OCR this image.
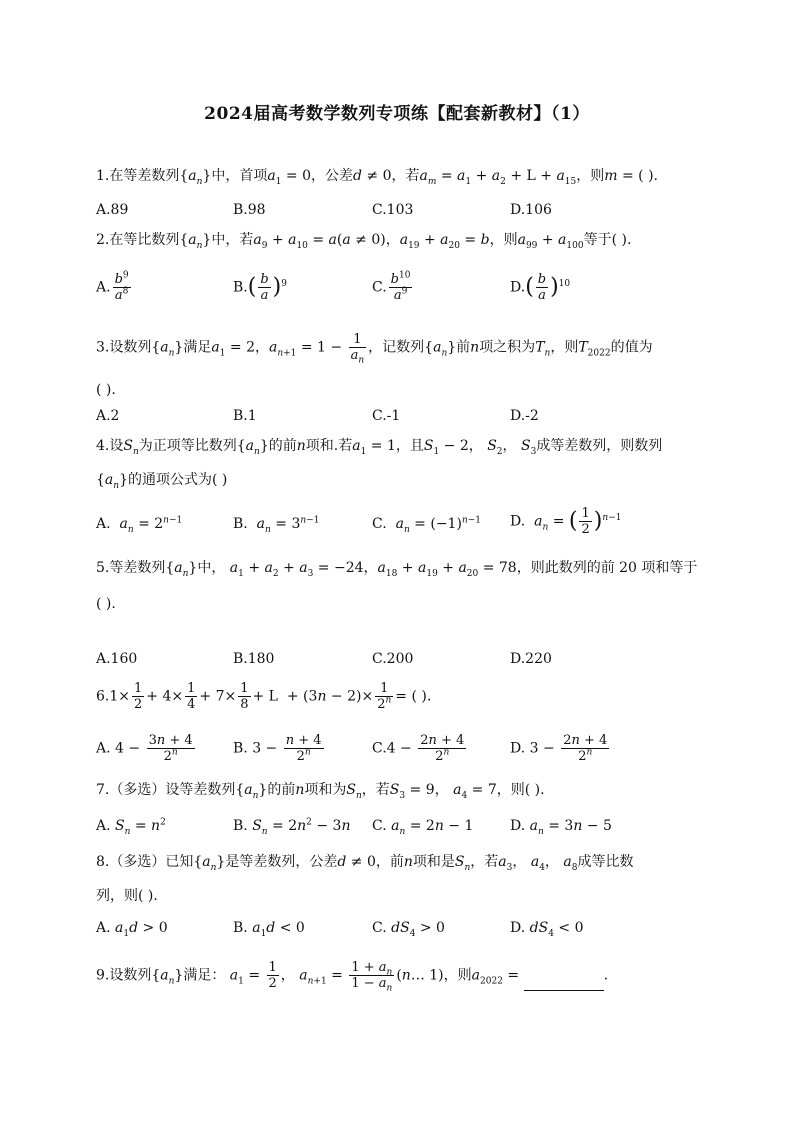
2024届高考数学数列专项练【配套新教材】（1）
1.在等差数列$\{a_n\}$中，首项$a_1 = 0$，公差d ≠ 0，若$a_m = a_1 + a_2 + L + a_{15}$，则m = ( ).
A.89	B.98	C.103	D.106
2.在等比数列$\{a_n\}$中，若$a_9 + a_{10} = a(a \ne 0)$，$a_{19} + a_{20} = b$，则$a_{99} + a_{100}$等于( ).
A. $\frac{b^9}{a^8}$	$B.( \frac{b}{a} )^9$	C. $\frac{b^{10}}{a^9}$	$D.( \frac{b}{a} )^{10}$
3.设数列$\{a_n\}$满足$a_1 = 2$，$a_{n+1} = 1 - \frac{1}{a_n}$ ，记数列$\{a_n\}$前n项之积为$T_n$，则$T_{2022}$的值为
( ).
A.2	B.1	C.-1	D.-2
4.设$S_n$为正项等比数列$\{a_n\}$的前n项和.若$a_1 = 1$，且$S_1 - 2$， $S_2$， $S_3$成等差数列，则数列
$\{a_n\}$的通项公式为( )
A. $a_n = 2^{n-1}$	B. $a_n = 3^{n-1}$	C. $a_n = (-1)^{n-1}$ D. $a_n$ = ( $\frac{1}{2} )^{n-1}$
5.等差数列$\{a_n\}$中， $a_1 + a_2 + a_3 = -24$，$a_{18} + a_{19} + a_{20} = 78$，则此数列的前 20 项和等于
( ).
A.160	B.180	C.200	D.220
$6.1\times \frac{1}{2} + 4\times \frac{1}{4} + 7\times \frac{1}{8} + L + (3n - 2)\times \frac{1}{2^n}$ = ( ).
A. $4 - \frac{3n + 4}{2^n}$	B. $3 - \frac{n + 4}{2^n}$	$C.4 - \frac{2n + 4}{2^n}$	D. $3 - \frac{2n + 4}{2^n}$
7.（多选）设等差数列$\{a_n\}$的前n项和为$S_n$，若$S_3 = 9$， $a_4 = 7$，则( ).
A. $S_n = n^2$	B. $S_n = 2n^2 - 3n$ C. $a_n = 2n - 1$	D. $a_n = 3n - 5$
8.（多选）已知$\{a_n\}$是等差数列，公差d ≠ 0，前n项和是$S_n$，若$a_3$， $a_4$， $a_8$成等比数
列，则( ).
A. $a_1d > 0$	B. $a_1d < 0$	C. $dS_4 > 0$	D. $dS_4 < 0$
9.设数列$\{a_n\}$满足： $a_1 = \frac{1}{2}$ ， $a_{n+1} = \frac{1 + a_n}{1 - a_n}$ (n… 1)，则$a_{2022}$ =	.
